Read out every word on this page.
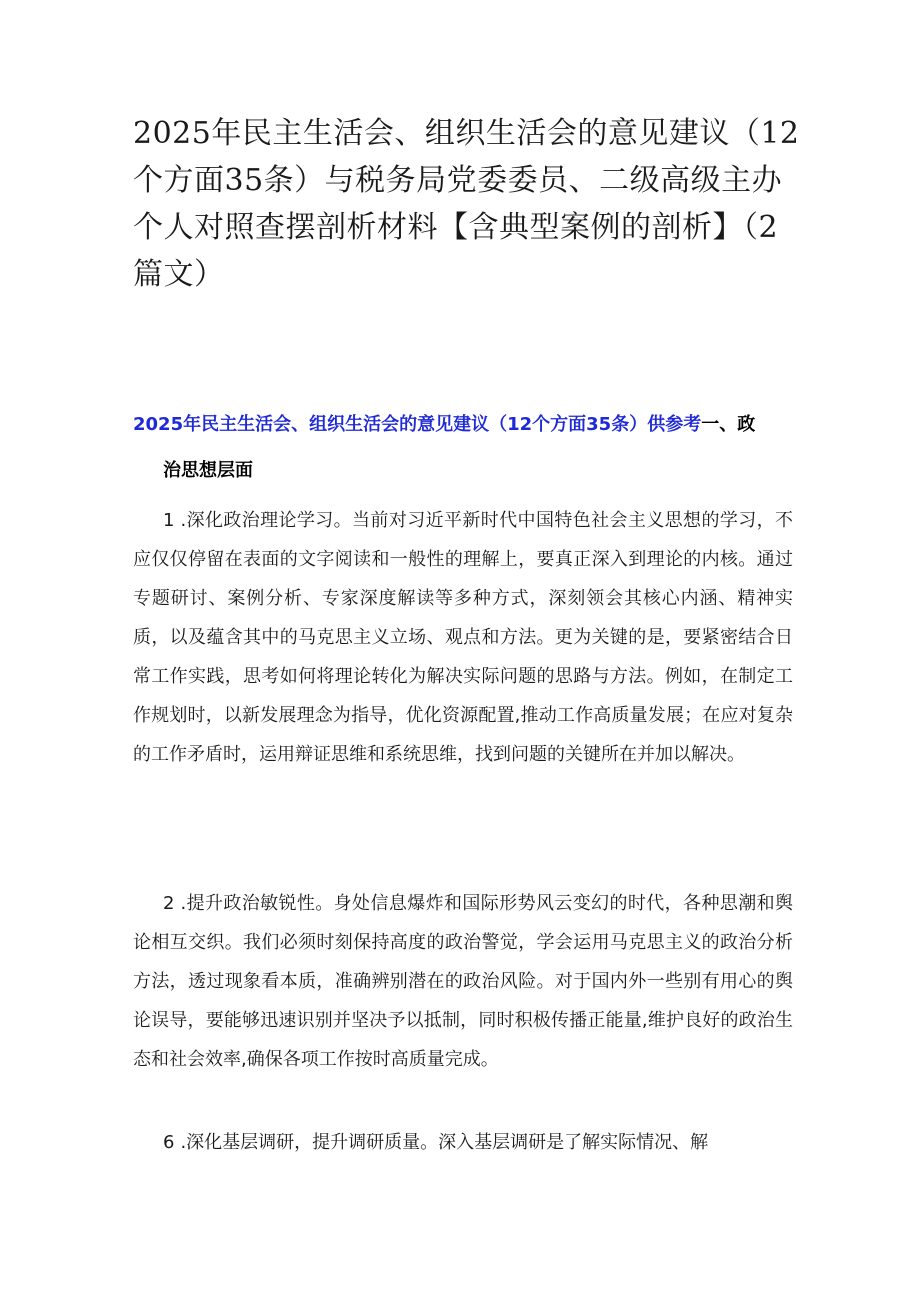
2025年民主生活会、组织生活会的意见建议（12个方面35条）与税务局党委委员、二级高级主办个人对照查摆剖析材料【含典型案例的剖析】（2篇文）
2025年民主生活会、组织生活会的意见建议（12个方面35条）供参考一、政
治思想层面

1 .深化政治理论学习。当前对习近平新时代中国特色社会主义思想的学习，不应仅仅停留在表面的文字阅读和一般性的理解上，要真正深入到理论的内核。通过专题研讨、案例分析、专家深度解读等多种方式，深刻领会其核心内涵、精神实质，以及蕴含其中的马克思主义立场、观点和方法。更为关键的是，要紧密结合日常工作实践，思考如何将理论转化为解决实际问题的思路与方法。例如，在制定工作规划时，以新发展理念为指导，优化资源配置,推动工作高质量发展；在应对复杂的工作矛盾时，运用辩证思维和系统思维，找到问题的关键所在并加以解决。

2 .提升政治敏锐性。身处信息爆炸和国际形势风云变幻的时代，各种思潮和舆论相互交织。我们必须时刻保持高度的政治警觉，学会运用马克思主义的政治分析方法，透过现象看本质，准确辨别潜在的政治风险。对于国内外一些别有用心的舆论误导，要能够迅速识别并坚决予以抵制，同时积极传播正能量,维护良好的政治生态和社会效率,确保各项工作按时高质量完成。

6 .深化基层调研，提升调研质量。深入基层调研是了解实际情况、解
